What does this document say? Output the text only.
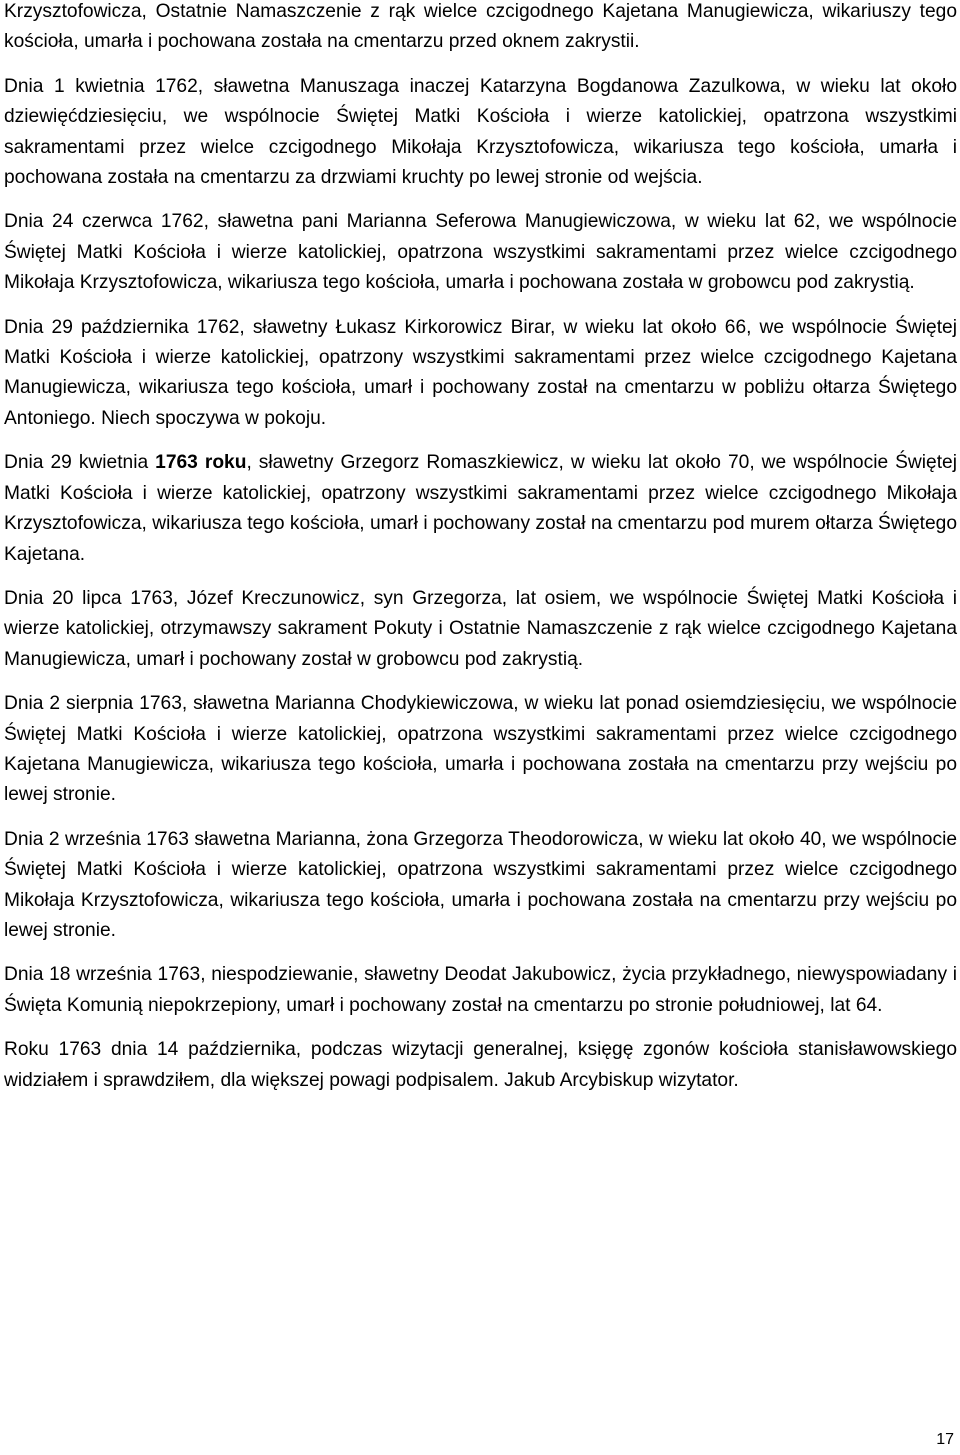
Krzysztofowicza, Ostatnie Namaszczenie z rąk wielce czcigodnego Kajetana Manugiewicza, wikariuszy tego kościoła, umarła i pochowana została na cmentarzu przed oknem zakrystii.

Dnia 1 kwietnia 1762, sławetna Manuszaga inaczej Katarzyna Bogdanowa Zazulkowa, w wieku lat około dziewięćdziesięciu, we wspólnocie Świętej Matki Kościoła i wierze katolickiej, opatrzona wszystkimi sakramentami przez wielce czcigodnego Mikołaja Krzysztofowicza, wikariusza tego kościoła, umarła i pochowana została na cmentarzu za drzwiami kruchty po lewej stronie od wejścia.

Dnia 24 czerwca 1762, sławetna pani Marianna Seferowa Manugiewiczowa, w wieku lat 62, we wspólnocie Świętej Matki Kościoła i wierze katolickiej, opatrzona wszystkimi sakramentami przez wielce czcigodnego Mikołaja Krzysztofowicza, wikariusza tego kościoła, umarła i pochowana została w grobowcu pod zakrystią.

Dnia 29 października 1762, sławetny Łukasz Kirkorowicz Birar, w wieku lat około 66, we wspólnocie Świętej Matki Kościoła i wierze katolickiej, opatrzony wszystkimi sakramentami przez wielce czcigodnego Kajetana Manugiewicza, wikariusza tego kościoła, umarł i pochowany został na cmentarzu w pobliżu ołtarza Świętego Antoniego. Niech spoczywa w pokoju.

Dnia 29 kwietnia 1763 roku, sławetny Grzegorz Romaszkiewicz, w wieku lat około 70, we wspólnocie Świętej Matki Kościoła i wierze katolickiej, opatrzony wszystkimi sakramentami przez wielce czcigodnego Mikołaja Krzysztofowicza, wikariusza tego kościoła, umarł i pochowany został na cmentarzu pod murem ołtarza Świętego Kajetana.

Dnia 20 lipca 1763, Józef Kreczunowicz, syn Grzegorza, lat osiem, we wspólnocie Świętej Matki Kościoła i wierze katolickiej, otrzymawszy sakrament Pokuty i Ostatnie Namaszczenie z rąk wielce czcigodnego Kajetana Manugiewicza, umarł i pochowany został w grobowcu pod zakrystią.

Dnia 2 sierpnia 1763, sławetna Marianna Chodykiewiczowa, w wieku lat ponad osiemdziesięciu, we wspólnocie Świętej Matki Kościoła i wierze katolickiej, opatrzona wszystkimi sakramentami przez wielce czcigodnego Kajetana Manugiewicza, wikariusza tego kościoła, umarła i pochowana została na cmentarzu przy wejściu po lewej stronie.

Dnia 2 września 1763 sławetna Marianna, żona Grzegorza Theodorowicza, w wieku lat około 40, we wspólnocie Świętej Matki Kościoła i wierze katolickiej, opatrzona wszystkimi sakramentami przez wielce czcigodnego Mikołaja Krzysztofowicza, wikariusza tego kościoła, umarła i pochowana została na cmentarzu przy wejściu po lewej stronie.

Dnia 18 września 1763, niespodziewanie, sławetny Deodat Jakubowicz, życia przykładnego, niewyspowiadany i Święta Komunią niepokrzepiony, umarł i pochowany został na cmentarzu po stronie południowej, lat 64.

Roku 1763 dnia 14 października, podczas wizytacji generalnej, księgę zgonów kościoła stanisławowskiego widziałem i sprawdziłem, dla większej powagi podpisalem. Jakub Arcybiskup wizytator.

17
